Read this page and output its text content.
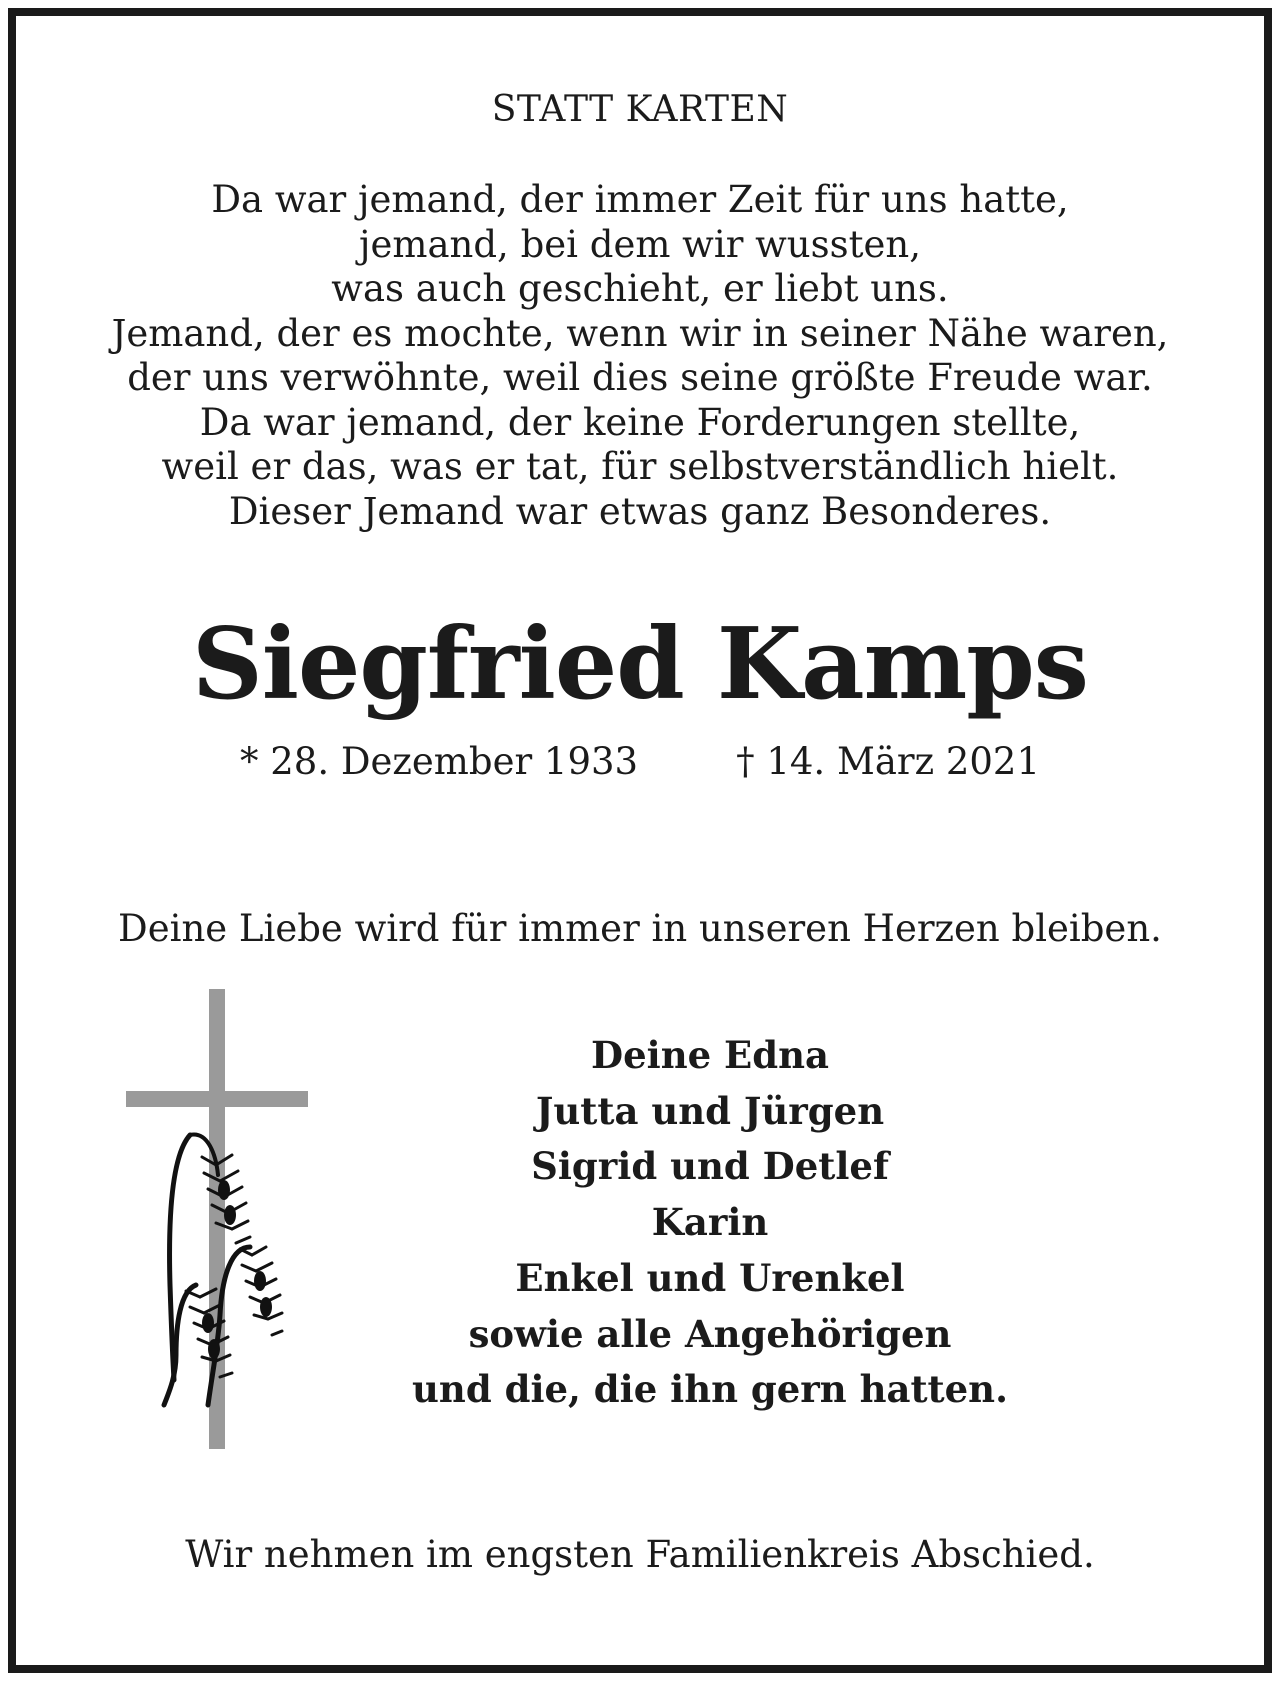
STATT KARTEN

Da war jemand, der immer Zeit für uns hatte,
jemand, bei dem wir wussten,
was auch geschieht, er liebt uns.
Jemand, der es mochte, wenn wir in seiner Nähe waren,
der uns verwöhnte, weil dies seine größte Freude war.
Da war jemand, der keine Forderungen stellte,
weil er das, was er tat, für selbstverständlich hielt.
Dieser Jemand war etwas ganz Besonderes.
Siegfried Kamps
* 28. Dezember 1933	† 14. März 2021

Deine Liebe wird für immer in unseren Herzen bleiben.

Deine Edna
Jutta und Jürgen
Sigrid und Detlef
Karin
Enkel und Urenkel
sowie alle Angehörigen
und die, die ihn gern hatten.

Wir nehmen im engsten Familienkreis Abschied.
